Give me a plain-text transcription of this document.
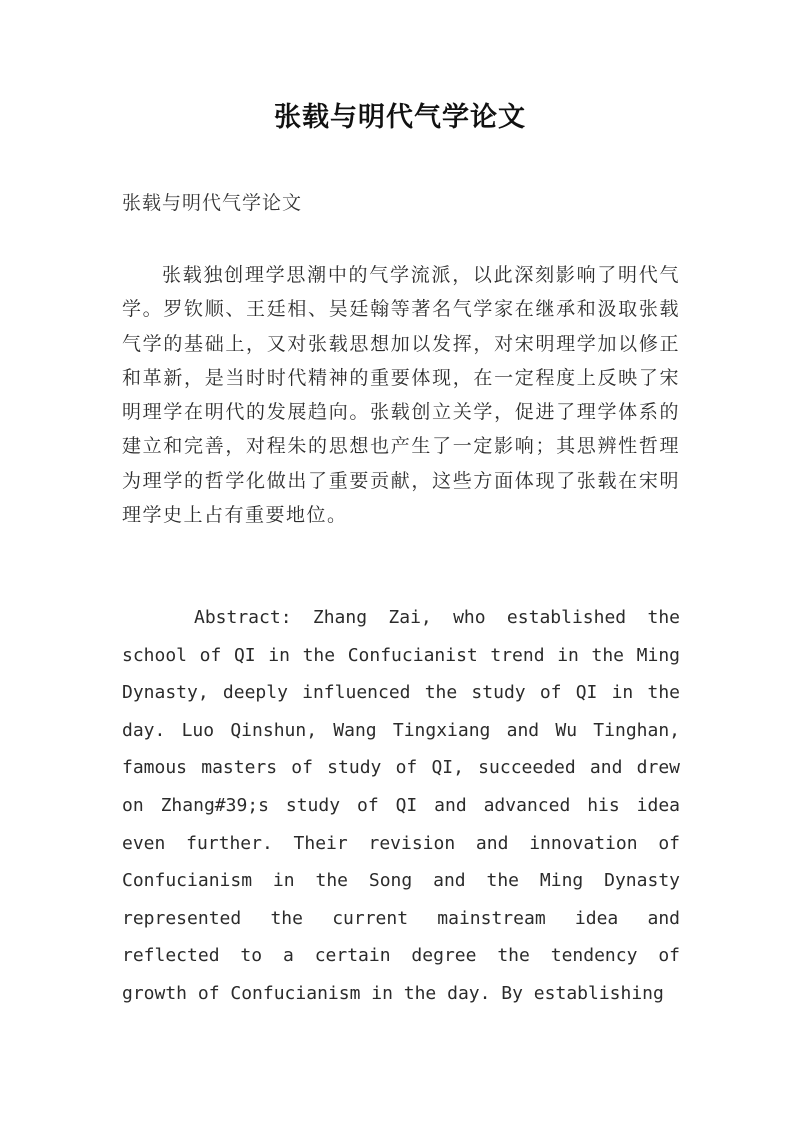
张载与明代气学论文
张载与明代气学论文

张载独创理学思潮中的气学流派，以此深刻影响了明代气学。罗钦顺、王廷相、吴廷翰等著名气学家在继承和汲取张载气学的基础上，又对张载思想加以发挥，对宋明理学加以修正和革新，是当时时代精神的重要体现，在一定程度上反映了宋明理学在明代的发展趋向。张载创立关学，促进了理学体系的建立和完善，对程朱的思想也产生了一定影响；其思辨性哲理为理学的哲学化做出了重要贡献，这些方面体现了张载在宋明理学史上占有重要地位。

Abstract: Zhang Zai, who established the school of QI in the Confucianist trend in the Ming Dynasty, deeply influenced the study of QI in the day. Luo Qinshun, Wang Tingxiang and Wu Tinghan, famous masters of study of QI, succeeded and drew on Zhang#39;s study of QI and advanced his idea even further. Their revision and innovation of Confucianism in the Song and the Ming Dynasty represented the current mainstream idea and reflected to a certain degree the tendency of growth of Confucianism in the day. By establishing
